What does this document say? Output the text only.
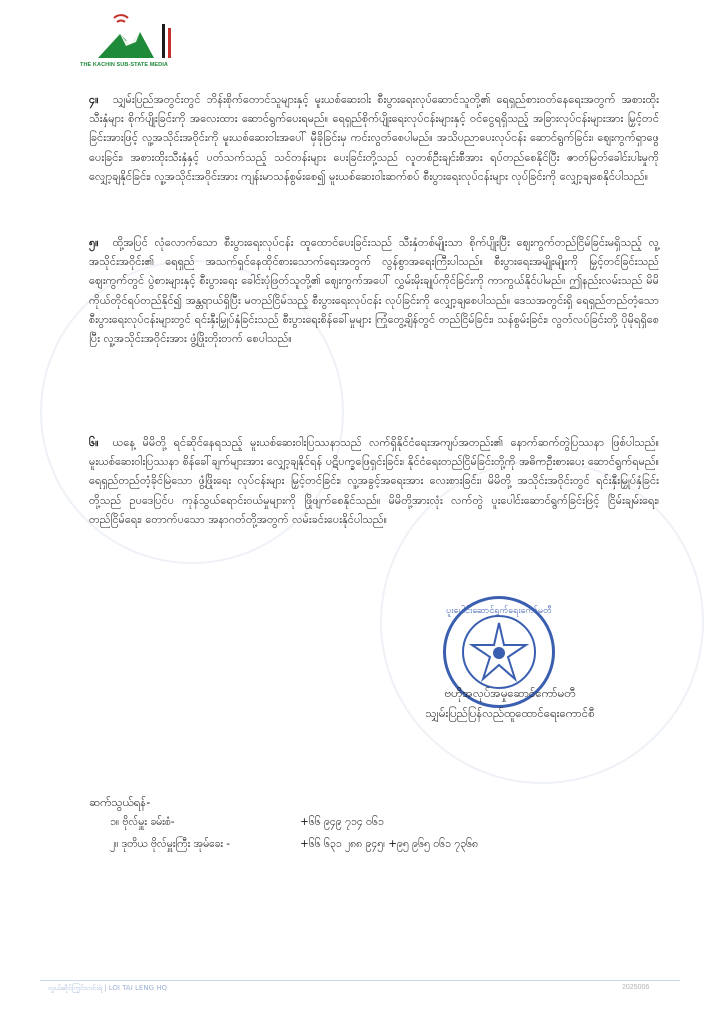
THE KACHIN SUB-STATE MEDIA
၄။ သျှမ်းပြည်အတွင်းတွင် ဘိန်းစိုက်တောင်သူများနှင့် မူးယစ်ဆေးဝါး စီးပွားရေးလုပ်ဆောင်သူတို့၏ ရေရှည်စားဝတ်နေရေးအတွက် အစားထိုးသီးနှံများ စိုက်ပျိုးခြင်းကို အလေးထား ဆောင်ရွက်ပေးရမည်။ ရေရှည်စိုက်ပျိုးရေးလုပ်ငန်းများနှင့် ဝင်ငွေရရှိသည့် အခြားလုပ်ငန်းများအား မြှင့်တင်ခြင်းအားဖြင့် လူ့အသိုင်းအဝိုင်းကို မူးယစ်ဆေးဝါးအပေါ် မှီခိုခြင်းမှ ကင်းလွတ်စေပါမည်။ အသိပညာပေးလုပ်ငန်း ဆောင်ရွက်ခြင်း၊ ဈေးကွက်ရှာဖွေပေးခြင်း၊ အစားထိုးသီးနှံနှင့် ပတ်သက်သည့် သင်တန်းများ ပေးခြင်းတို့သည် လူတစ်ဦးချင်းစီအား ရပ်တည်စေနိုင်ပြီး ဇာတ်မြတ်ခေါင်းပါးမှုကို လျှော့ချနိုင်ခြင်း၊ လူ့အသိုင်းအဝိုင်းအား ကျန်းမာသန်စွမ်းစေ၍ မူးယစ်ဆေးဝါးဆက်စပ် စီးပွားရေးလုပ်ငန်းများ လုပ်ခြင်းကို လျှော့ချစေနိုင်ပါသည်။
၅။ ထို့အပြင် လုံလောက်သော စီးပွားရေးလုပ်ငန်း ထူထောင်ပေးခြင်းသည် သီးနှံတစ်မျိုးသာ စိုက်ပျိုးပြီး ဈေးကွက်တည်ငြိမ်ခြင်းမရှိသည့် လူ့အသိုင်းအဝိုင်း၏ ရေရှည် အသက်ရှင်နေထိုင်စားသောက်ရေးအတွက် လွန်စွာအရေးကြီးပါသည်။ စီးပွားရေးအမျိုးမျိုးကို မြှင့်တင်ခြင်းသည် ဈေးကွက်တွင် ပွဲစားများနှင့် စီးပွားရေး ခေါင်းပုံဖြတ်သူတို့၏ ဈေးကွက်အပေါ် လွှမ်းမိုးချုပ်ကိုင်ခြင်းကို ကာကွယ်နိုင်ပါမည်။ ဤနည်းလမ်းသည် မိမိကိုယ်တိုင်ရပ်တည်နိုင်၍ အန္တရာယ်ရှိပြီး မတည်ငြိမ်သည့် စီးပွားရေးလုပ်ငန်း လုပ်ခြင်းကို လျှော့ချစေပါသည်။ ဒေသအတွင်းရှိ ရေရှည်တည်တံ့သော စီးပွားရေးလုပ်ငန်းများတွင် ရင်းနှီးမြှုပ်နှံခြင်းသည် စီးပွားရေးစိန်ခေါ်မှုများ ကြုံတွေ့ချိန်တွင် တည်ငြိမ်ခြင်း၊ သန်စွမ်းခြင်း၊ လွတ်လပ်ခြင်းတို့ ပိုမိုရရှိစေပြီး လူ့အသိုင်းအဝိုင်းအား ဖွံ့ဖြိုးတိုးတက် စေပါသည်။
၆။ ယနေ့ မိမိတို့ ရင်ဆိုင်နေရသည့် မူးယစ်ဆေးဝါးပြဿနာသည် လက်ရှိနိုင်ငံရေးအကျပ်အတည်း၏ နောက်ဆက်တွဲပြဿနာ ဖြစ်ပါသည်။ မူးယစ်ဆေးဝါးပြဿနာ စိန်ခေါ်ချက်များအား လျှော့ချနိုင်ရန် ပဋိပက္ခဖြေရှင်းခြင်း၊ နိုင်ငံရေးတည်ငြိမ်ခြင်းတို့ကို အဓိကဦးစားပေး ဆောင်ရွက်ရမည်။ ရေရှည်တည်တံ့ခိုင်မြဲသော ဖွံ့ဖြိုးရေး လုပ်ငန်းများ မြှင့်တင်ခြင်း၊ လူ့အခွင့်အရေးအား လေးစားခြင်း၊ မိမိတို့ အသိုင်းအဝိုင်းတွင် ရင်းနှီးမြှုပ်နှံခြင်းတို့သည် ဥပဒေပြင်ပ ကုန်သွယ်ရောင်းဝယ်မှုများကို ဖြိုဖျက်စေနိုင်သည်။ မိမိတို့အားလုံး လက်တွဲ ပူးပေါင်းဆောင်ရွက်ခြင်းဖြင့် ငြိမ်းချမ်းရေး၊ တည်ငြိမ်ရေး၊ တောက်ပသော အနာဂတ်တို့အတွက် လမ်းခင်းပေးနိုင်ပါသည်။
ပူးပေါင်းဆောင်ရွက်ရေးကော်မတီ
ဗဟိုအလုပ်အမှုဆောင်ကော်မတီ
သျှမ်းပြည်ပြန်လည်ထူထောင်ရေးကောင်စီ
ဆက်သွယ်ရန်-
၁။ ဗိုလ်မှူး ခမ်းစံ-	+၆၆ ၉၄၉ ၇၁၄ ၀၆၁
၂။ ဒုတိယ ဗိုလ်မှူးကြီး အုမ်ခေး -	+၆၆ ၆၃၁ ၂၈၈ ၉၄၅၊ +၉၅ ၉၆၅ ၀၆၁ ၇၃၆၈
လွယ်ဆိုင်ကြွင်းလင်းရဲ | LOI TAI LENG HQ	2025006
